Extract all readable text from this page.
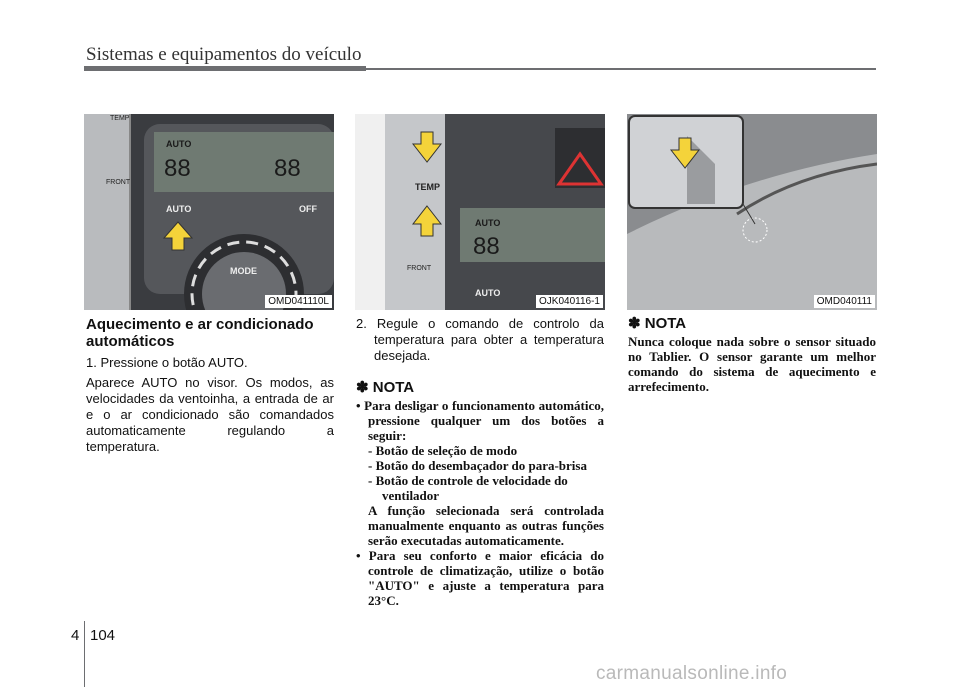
Sistemas e equipamentos do veículo
TEMP
AUTO
88	88
FRONT
AUTO	OFF
MODE
OMD041110L
TEMP
AUTO
88
FRONT
AUTO
OJK040116-1	OMD040111
Aquecimento e ar condicionado automáticos
1. Pressione o botão AUTO.
Aparece AUTO no visor. Os modos, as velocidades da ventoinha, a entrada de ar e o ar condicionado são comandados automaticamente regulando a temperatura.
2. Regule o comando de controlo da temperatura para obter a temperatura desejada.
✽ NOTA
• Para desligar o funcionamento automático, pressione qualquer um dos botões a seguir:
- Botão de seleção de modo
- Botão do desembaçador do para-brisa
- Botão de controle de velocidade do ventilador
A função selecionada será controlada manualmente enquanto as outras funções serão executadas automaticamente.
• Para seu conforto e maior eficácia do controle de climatização, utilize o botão "AUTO" e ajuste a temperatura para 23°C.
✽ NOTA
Nunca coloque nada sobre o sensor situado no Tablier. O sensor garante um melhor comando do sistema de aquecimento e arrefecimento.
4 104
carmanualsonline.info
